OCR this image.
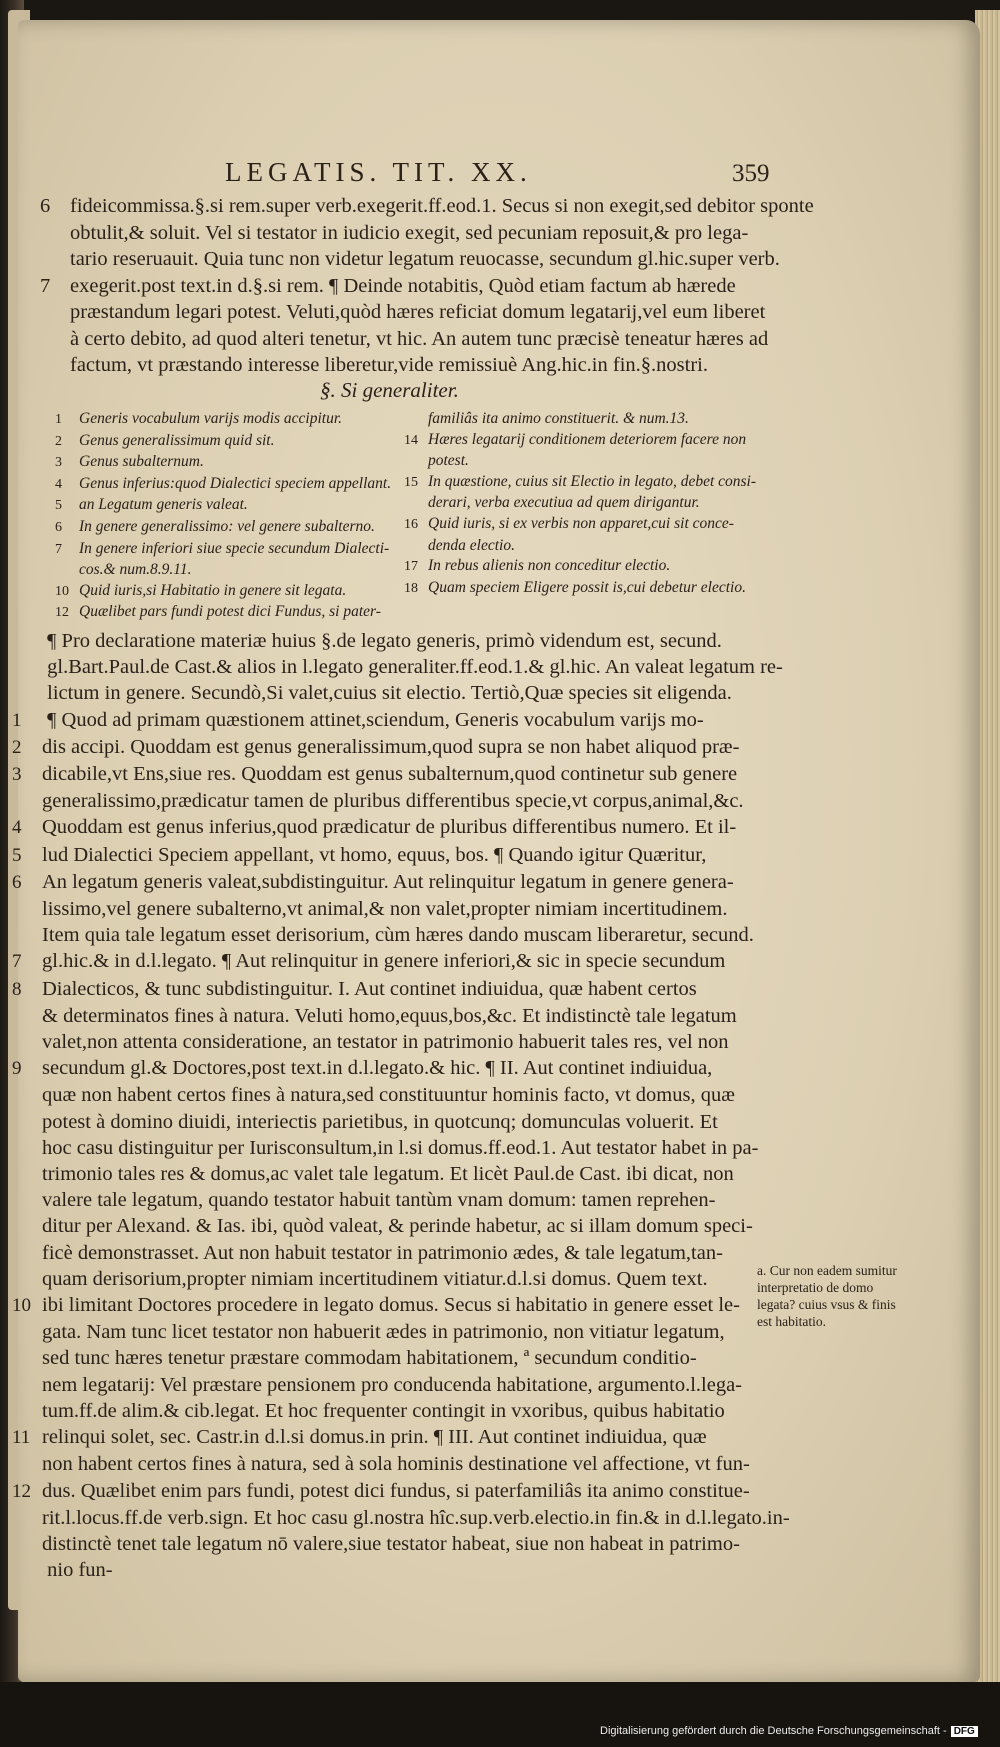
LEGATIS. TIT. XX.	359
6 fideicommissa.§.si rem.super verb.exegerit.ff.eod.1. Secus si non exegit,sed debitor sponte
obtulit,& soluit. Vel si testator in iudicio exegit, sed pecuniam reposuit,& pro lega-
tario reseruauit. Quia tunc non videtur legatum reuocasse, secundum gl.hic.super verb.
7 exegerit.post text.in d.§.si rem. ¶ Deinde notabitis, Quòd etiam factum ab hærede
præstandum legari potest. Veluti,quòd hæres reficiat domum legatarij,vel eum liberet
à certo debito, ad quod alteri tenetur, vt hic. An autem tunc præcisè teneatur hæres ad
factum, vt præstando interesse liberetur,vide remissiuè Ang.hic.in fin.§.nostri.
§. Si generaliter.
1 Generis vocabulum varijs modis accipitur.
2 Genus generalissimum quid sit.
3 Genus subalternum.
4 Genus inferius:quod Dialectici speciem appellant.
5 an Legatum generis valeat.
6 In genere generalissimo: vel genere subalterno.
7 In genere inferiori siue specie secundum Dialecti-
cos.& num.8.9.11.
10 Quid iuris,si Habitatio in genere sit legata.
12 Quælibet pars fundi potest dici Fundus, si pater-
familiâs ita animo constituerit. & num.13.
14 Hæres legatarij conditionem deteriorem facere non
potest.
15 In quæstione, cuius sit Electio in legato, debet consi-
derari, verba executiua ad quem dirigantur.
16 Quid iuris, si ex verbis non apparet,cui sit conce-
denda electio.
17 In rebus alienis non conceditur electio.
18 Quam speciem Eligere possit is,cui debetur electio.
¶ Pro declaratione materiæ huius §.de legato generis, primò videndum est, secund.
gl.Bart.Paul.de Cast.& alios in l.legato generaliter.ff.eod.1.& gl.hic. An valeat legatum re-
lictum in genere. Secundò,Si valet,cuius sit electio. Tertiò,Quæ species sit eligenda.
1 ¶ Quod ad primam quæstionem attinet,sciendum, Generis vocabulum varijs mo-
2 dis accipi. Quoddam est genus generalissimum,quod supra se non habet aliquod præ-
3 dicabile,vt Ens,siue res. Quoddam est genus subalternum,quod continetur sub genere
generalissimo,prædicatur tamen de pluribus differentibus specie,vt corpus,animal,&c.
4 Quoddam est genus inferius,quod prædicatur de pluribus differentibus numero. Et il-
5 lud Dialectici Speciem appellant, vt homo, equus, bos. ¶ Quando igitur Quæritur,
6 An legatum generis valeat,subdistinguitur. Aut relinquitur legatum in genere genera-
lissimo,vel genere subalterno,vt animal,& non valet,propter nimiam incertitudinem.
Item quia tale legatum esset derisorium, cùm hæres dando muscam liberaretur, secund.
7 gl.hic.& in d.l.legato. ¶ Aut relinquitur in genere inferiori,& sic in specie secundum
8 Dialecticos, & tunc subdistinguitur. I. Aut continet indiuidua, quæ habent certos
& determinatos fines à natura. Veluti homo,equus,bos,&c. Et indistinctè tale legatum
valet,non attenta consideratione, an testator in patrimonio habuerit tales res, vel non
9 secundum gl.& Doctores,post text.in d.l.legato.& hic. ¶ II. Aut continet indiuidua,
quæ non habent certos fines à natura,sed constituuntur hominis facto, vt domus, quæ
potest à domino diuidi, interiectis parietibus, in quotcunq; domunculas voluerit. Et
hoc casu distinguitur per Iurisconsultum,in l.si domus.ff.eod.1. Aut testator habet in pa-
trimonio tales res & domus,ac valet tale legatum. Et licèt Paul.de Cast. ibi dicat, non
valere tale legatum, quando testator habuit tantùm vnam domum: tamen reprehen-
ditur per Alexand. & Ias. ibi, quòd valeat, & perinde habetur, ac si illam domum speci-
ficè demonstrasset. Aut non habuit testator in patrimonio ædes, & tale legatum,tan-
quam derisorium,propter nimiam incertitudinem vitiatur.d.l.si domus. Quem text.
10 ibi limitant Doctores procedere in legato domus. Secus si habitatio in genere esset le-
gata. Nam tunc licet testator non habuerit ædes in patrimonio, non vitiatur legatum,
sed tunc hæres tenetur præstare commodam habitationem, ª secundum conditio-
nem legatarij: Vel præstare pensionem pro conducenda habitatione, argumento.l.lega-
tum.ff.de alim.& cib.legat. Et hoc frequenter contingit in vxoribus, quibus habitatio
11 relinqui solet, sec. Castr.in d.l.si domus.in prin. ¶ III. Aut continet indiuidua, quæ
non habent certos fines à natura, sed à sola hominis destinatione vel affectione, vt fun-
12 dus. Quælibet enim pars fundi, potest dici fundus, si paterfamiliâs ita animo constitue-
rit.l.locus.ff.de verb.sign. Et hoc casu gl.nostra hîc.sup.verb.electio.in fin.& in d.l.legato.in-
distinctè tenet tale legatum nō valere,siue testator habeat, siue non habeat in patrimo-
nio fun-
a. Cur non eadem sumitur interpretatio de domo legata? cuius vsus & finis est habitatio.
Digitalisierung gefördert durch die Deutsche Forschungsgemeinschaft - DFG
